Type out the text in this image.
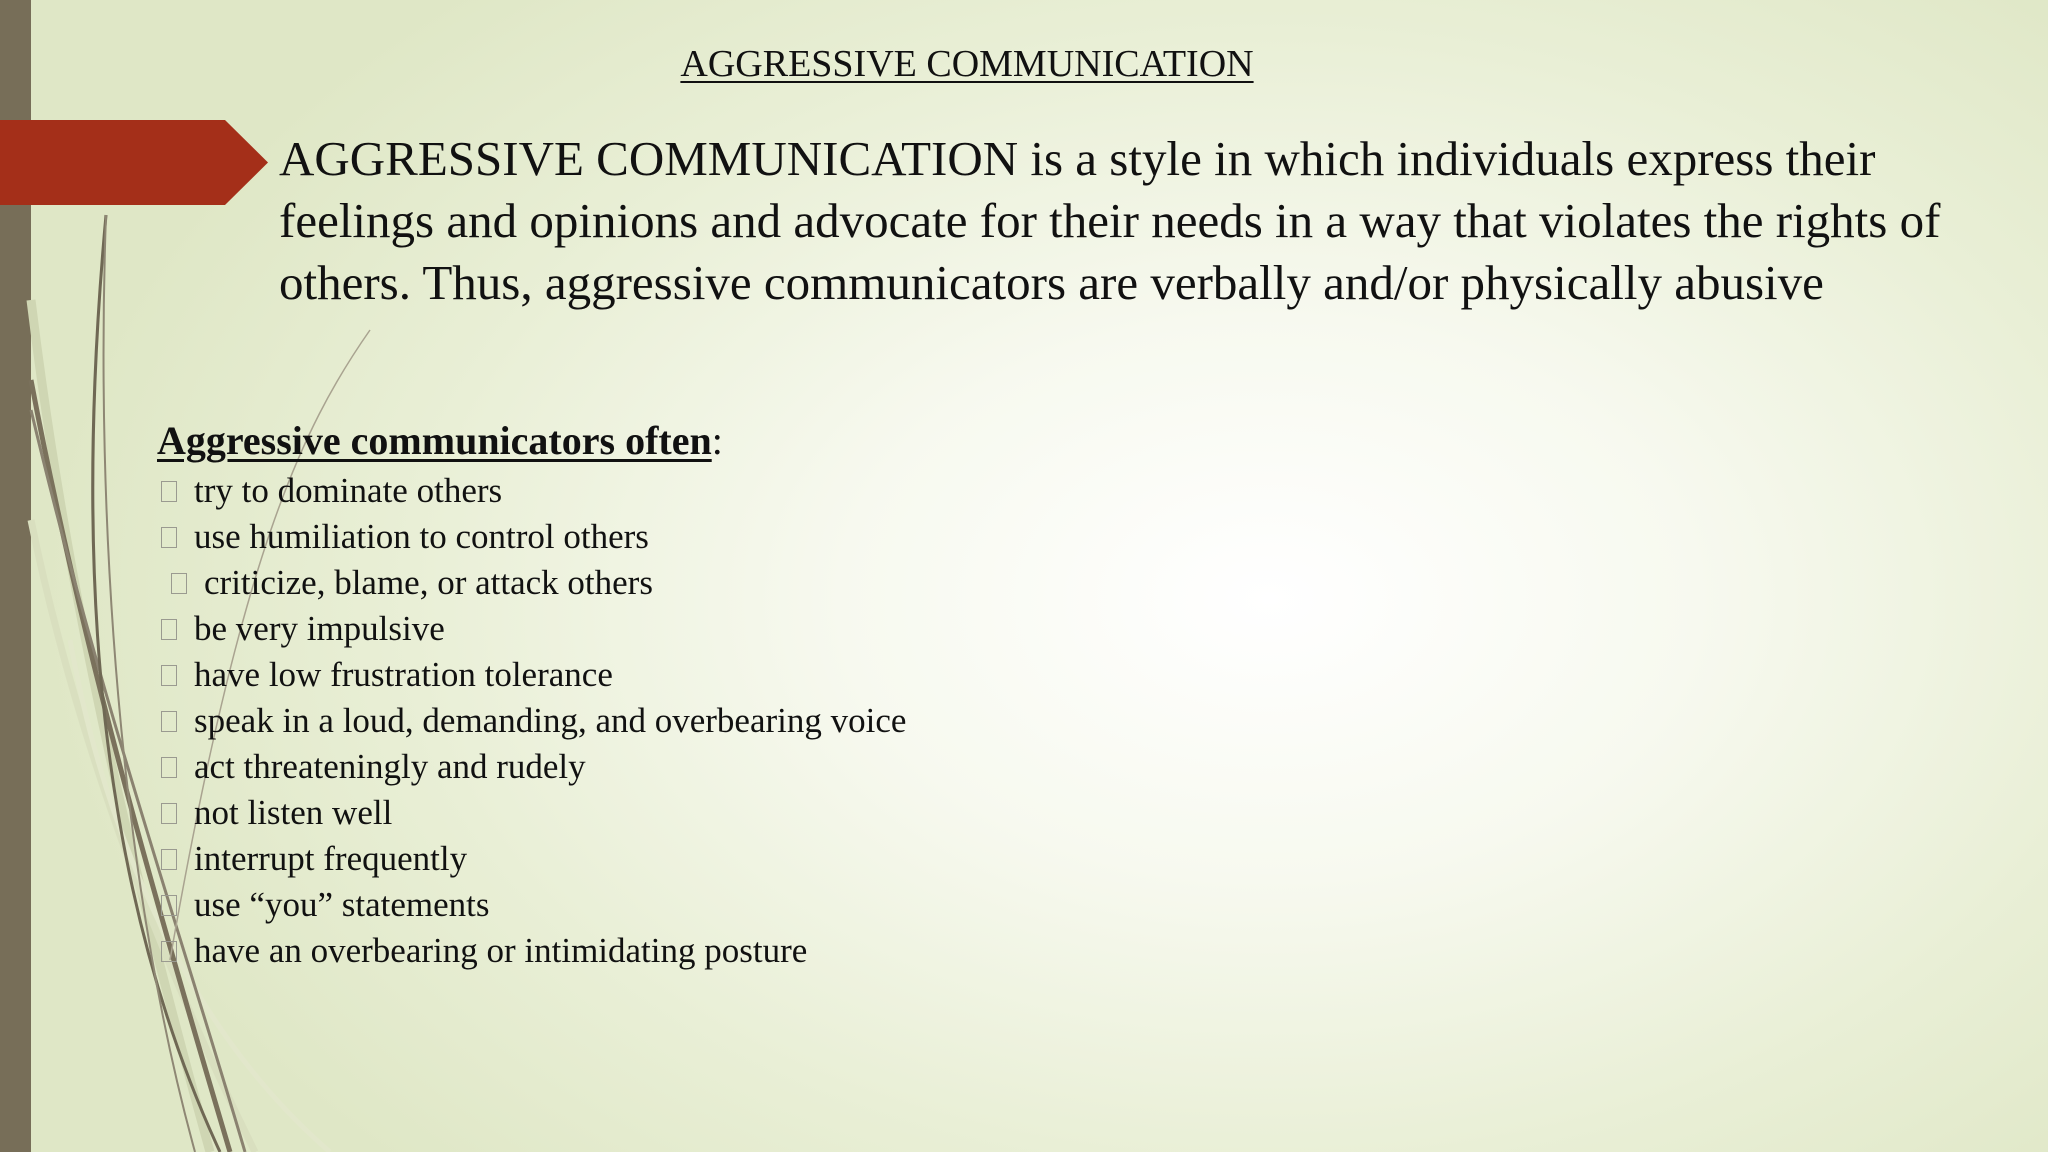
AGGRESSIVE COMMUNICATION

AGGRESSIVE COMMUNICATION is a style in which individuals express their feelings and opinions and advocate for their needs in a way that violates the rights of others. Thus, aggressive communicators are verbally and/or physically abusive

Aggressive communicators often:
try to dominate others
use humiliation to control others
criticize, blame, or attack others
be very impulsive
have low frustration tolerance
speak in a loud, demanding, and overbearing voice
act threateningly and rudely
not listen well
interrupt frequently
use “you” statements
have an overbearing or intimidating posture
